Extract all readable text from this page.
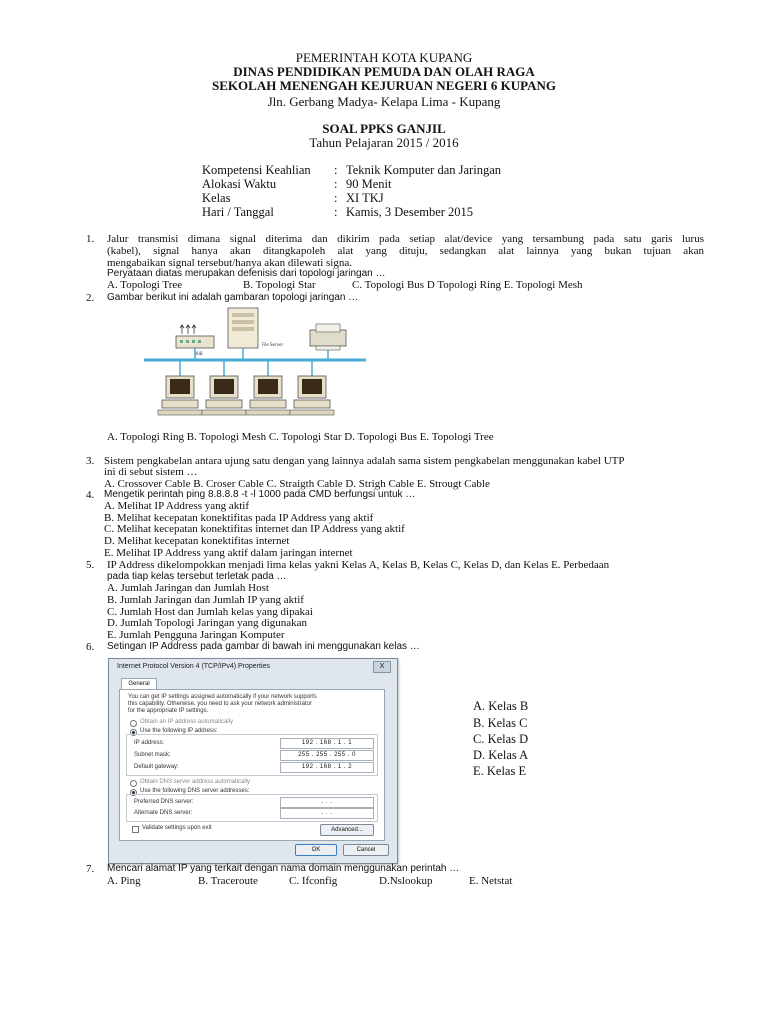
PEMERINTAH KOTA KUPANG
DINAS PENDIDIKAN PEMUDA DAN OLAH RAGA
SEKOLAH MENENGAH KEJURUAN NEGERI 6 KUPANG
Jln. Gerbang Madya- Kelapa Lima - Kupang
SOAL PPKS GANJIL
Tahun Pelajaran 2015 / 2016
Kompetensi Keahlian : Teknik Komputer dan Jaringan
Alokasi Waktu	: 90 Menit
Kelas	: XI TKJ
Hari / Tanggal	: Kamis, 3 Desember 2015
1. Jalur transmisi dimana signal diterima dan dikirim pada setiap alat/device yang tersambung pada satu garis lurus
(kabel), signal hanya akan ditangkapoleh alat yang dituju, sedangkan alat lainnya yang bukan tujuan akan
mengabaikan signal tersebut/hanya akan dilewati signa.
Peryataan diatas merupakan defenisis dari topologi jaringan …
A. Topologi Tree	B. Topologi Star	C. Topologi Bus D Topologi Ring E. Topologi Mesh
2. Gambar berikut ini adalah gambaran topologi jaringan …
HUB
File Server
A. Topologi Ring B. Topologi Mesh C. Topologi Star D. Topologi Bus E. Topologi Tree
3. Sistem pengkabelan antara ujung satu dengan yang lainnya adalah sama sistem pengkabelan menggunakan kabel UTP
ini di sebut sistem …
A. Crossover Cable B. Croser Cable C. Straigth Cable D. Strigh Cable E. Strougt Cable
4. Mengetik perintah ping 8.8.8.8 -t -l 1000 pada CMD berfungsi untuk …
A. Melihat IP Address yang aktif
B. Melihat kecepatan konektifitas pada IP Address yang aktif
C. Melihat kecepatan konektifitas internet dan IP Address yang aktif
D. Melihat kecepatan konektifitas internet
E. Melihat IP Address yang aktif dalam jaringan internet
5. IP Address dikelompokkan menjadi lima kelas yakni Kelas A, Kelas B, Kelas C, Kelas D, dan Kelas E. Perbedaan
pada tiap kelas tersebut terletak pada …
A. Jumlah Jaringan dan Jumlah Host
B. Jumlah Jaringan dan Jumlah IP yang aktif
C. Jumlah Host dan Jumlah kelas yang dipakai
D. Jumlah Topologi Jaringan yang digunakan
E. Jumlah Pengguna Jaringan Komputer
6. Setingan IP Address pada gambar di bawah ini menggunakan kelas …
Internet Protocol Version 4 (TCP/IPv4) Properties	X
General
You can get IP settings assigned automatically if your network supports
this capability. Otherwise, you need to ask your network administrator
for the appropriate IP settings.
Obtain an IP address automatically
Use the following IP address:
IP address:	192 . 168 . 1 . 1
Subnet mask:	255 . 255 . 255 . 0
Default gateway:	192 . 168 . 1 . 2
Obtain DNS server address automatically
Use the following DNS server addresses:
Preferred DNS server:	. . .
Alternate DNS server:	. . .
Validate settings upon exit	Advanced...
OK	Cancel
A. Kelas B
B. Kelas C
C. Kelas D
D. Kelas A
E. Kelas E
7. Mencari alamat IP yang terkait dengan nama domain menggunakan perintah …
A. Ping	B. Traceroute	C. Ifconfig	D.Nslookup	E. Netstat
